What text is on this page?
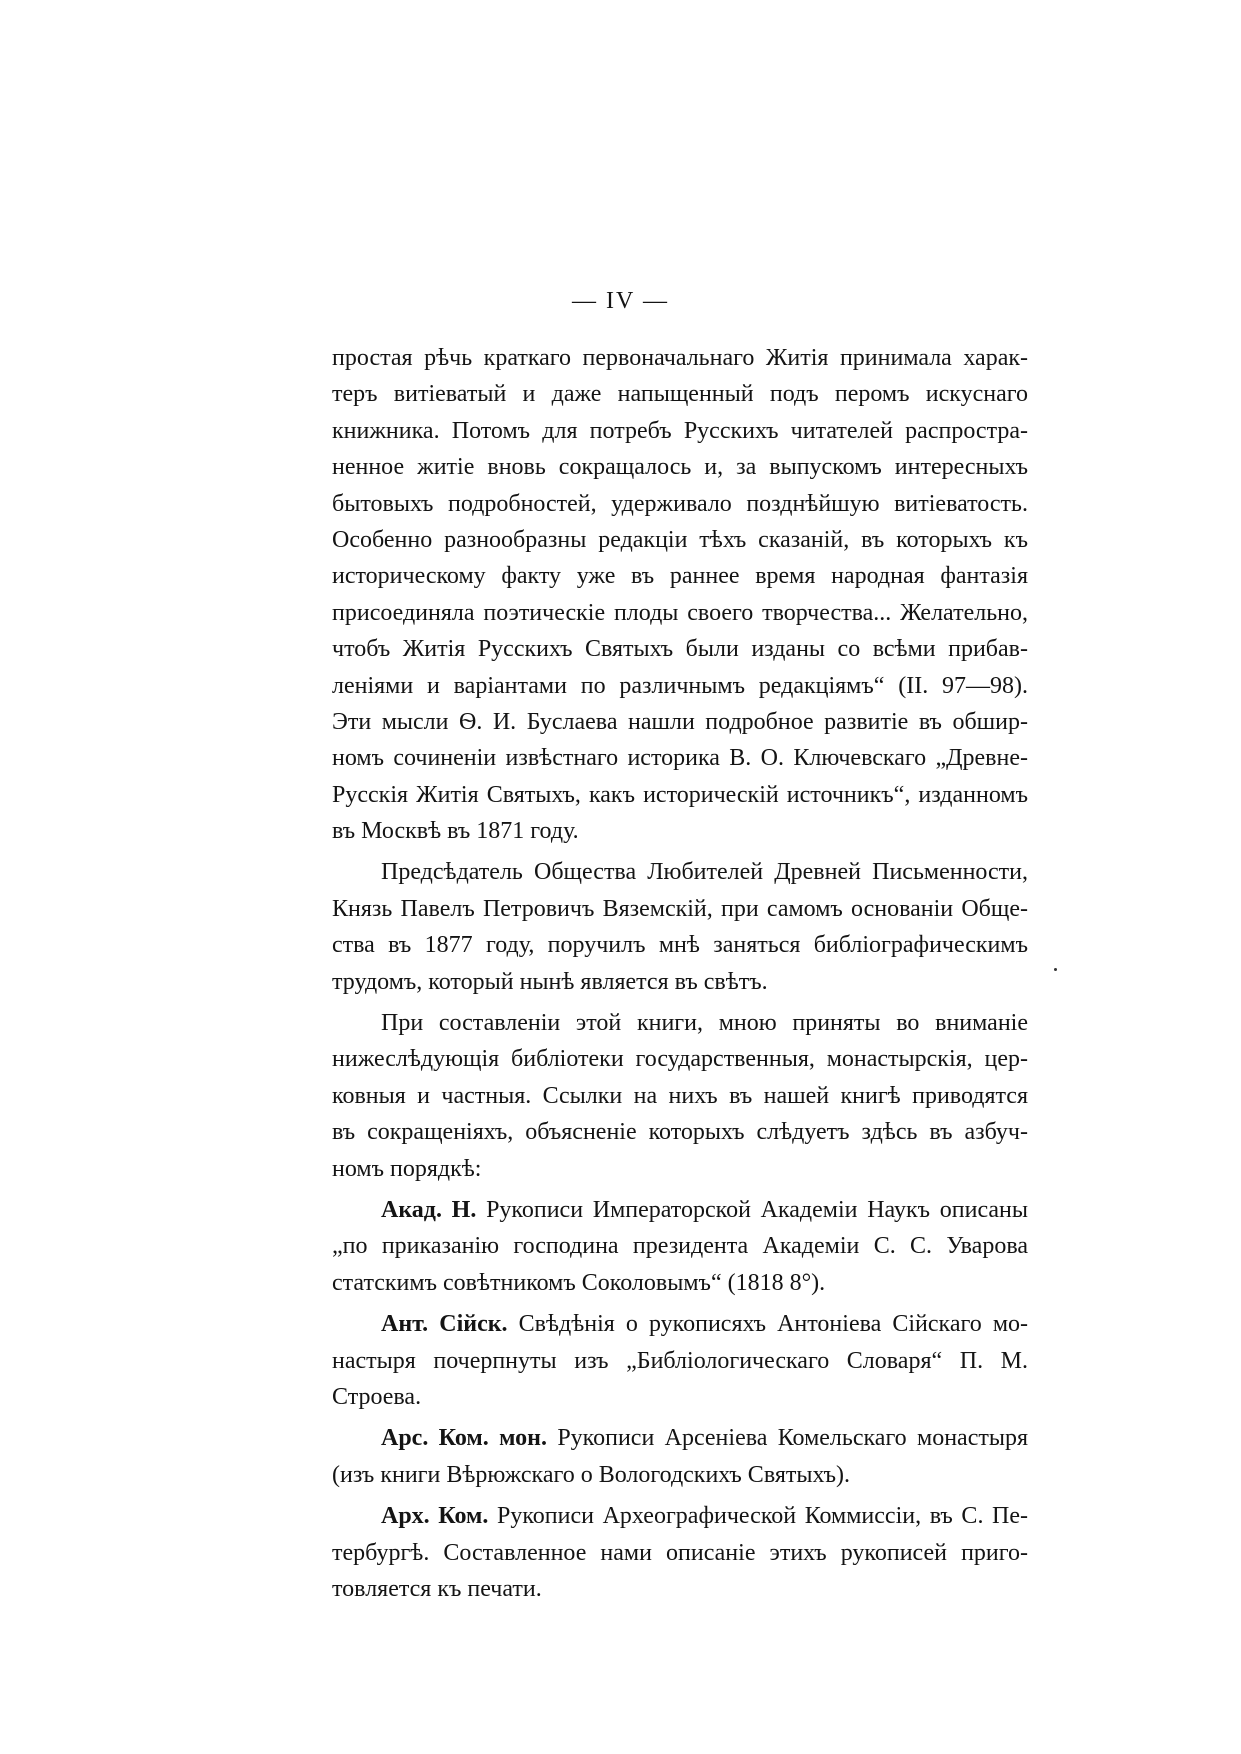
— IV —
простая рѣчь краткаго первоначальнаго Житія принимала харак-
теръ витіеватый и даже напыщенный подъ перомъ искуснаго
книжника. Потомъ для потребъ Русскихъ читателей распростра-
ненное житіе вновь сокращалось и, за выпускомъ интересныхъ
бытовыхъ подробностей, удерживало позднѣйшую витіеватость.
Особенно разнообразны редакціи тѣхъ сказаній, въ которыхъ къ
историческому факту уже въ раннее время народная фантазія
присоединяла поэтическіе плоды своего творчества... Желательно,
чтобъ Житія Русскихъ Святыхъ были изданы со всѣми прибав-
леніями и варіантами по различнымъ редакціямъ“ (II. 97—98).
Эти мысли Ѳ. И. Буслаева нашли подробное развитіе въ обшир-
номъ сочиненіи извѣстнаго историка В. О. Ключевскаго „Древне-
Русскія Житія Святыхъ, какъ историческій источникъ“, изданномъ
въ Москвѣ въ 1871 году.
Предсѣдатель Общества Любителей Древней Письменности,
Князь Павелъ Петровичъ Вяземскій, при самомъ основаніи Обще-
ства въ 1877 году, поручилъ мнѣ заняться библіографическимъ
трудомъ, который нынѣ является въ свѣтъ.
При составленіи этой книги, мною приняты во вниманіе
нижеслѣдующія библіотеки государственныя, монастырскія, цер-
ковныя и частныя. Ссылки на нихъ въ нашей книгѣ приводятся
въ сокращеніяхъ, объясненіе которыхъ слѣдуетъ здѣсь въ азбуч-
номъ порядкѣ:
Акад. Н. Рукописи Императорской Академіи Наукъ описаны
„по приказанію господина президента Академіи С. С. Уварова
статскимъ совѣтникомъ Соколовымъ“ (1818 8°).
Ант. Сійск. Свѣдѣнія о рукописяхъ Антоніева Сійскаго мо-
настыря почерпнуты изъ „Библіологическаго Словаря“ П. М.
Строева.
Арс. Ком. мон. Рукописи Арсеніева Комельскаго монастыря
(изъ книги Вѣрюжскаго о Вологодскихъ Святыхъ).
Арх. Ком. Рукописи Археографической Коммиссіи, въ С. Пе-
тербургѣ. Составленное нами описаніе этихъ рукописей приго-
товляется къ печати.
